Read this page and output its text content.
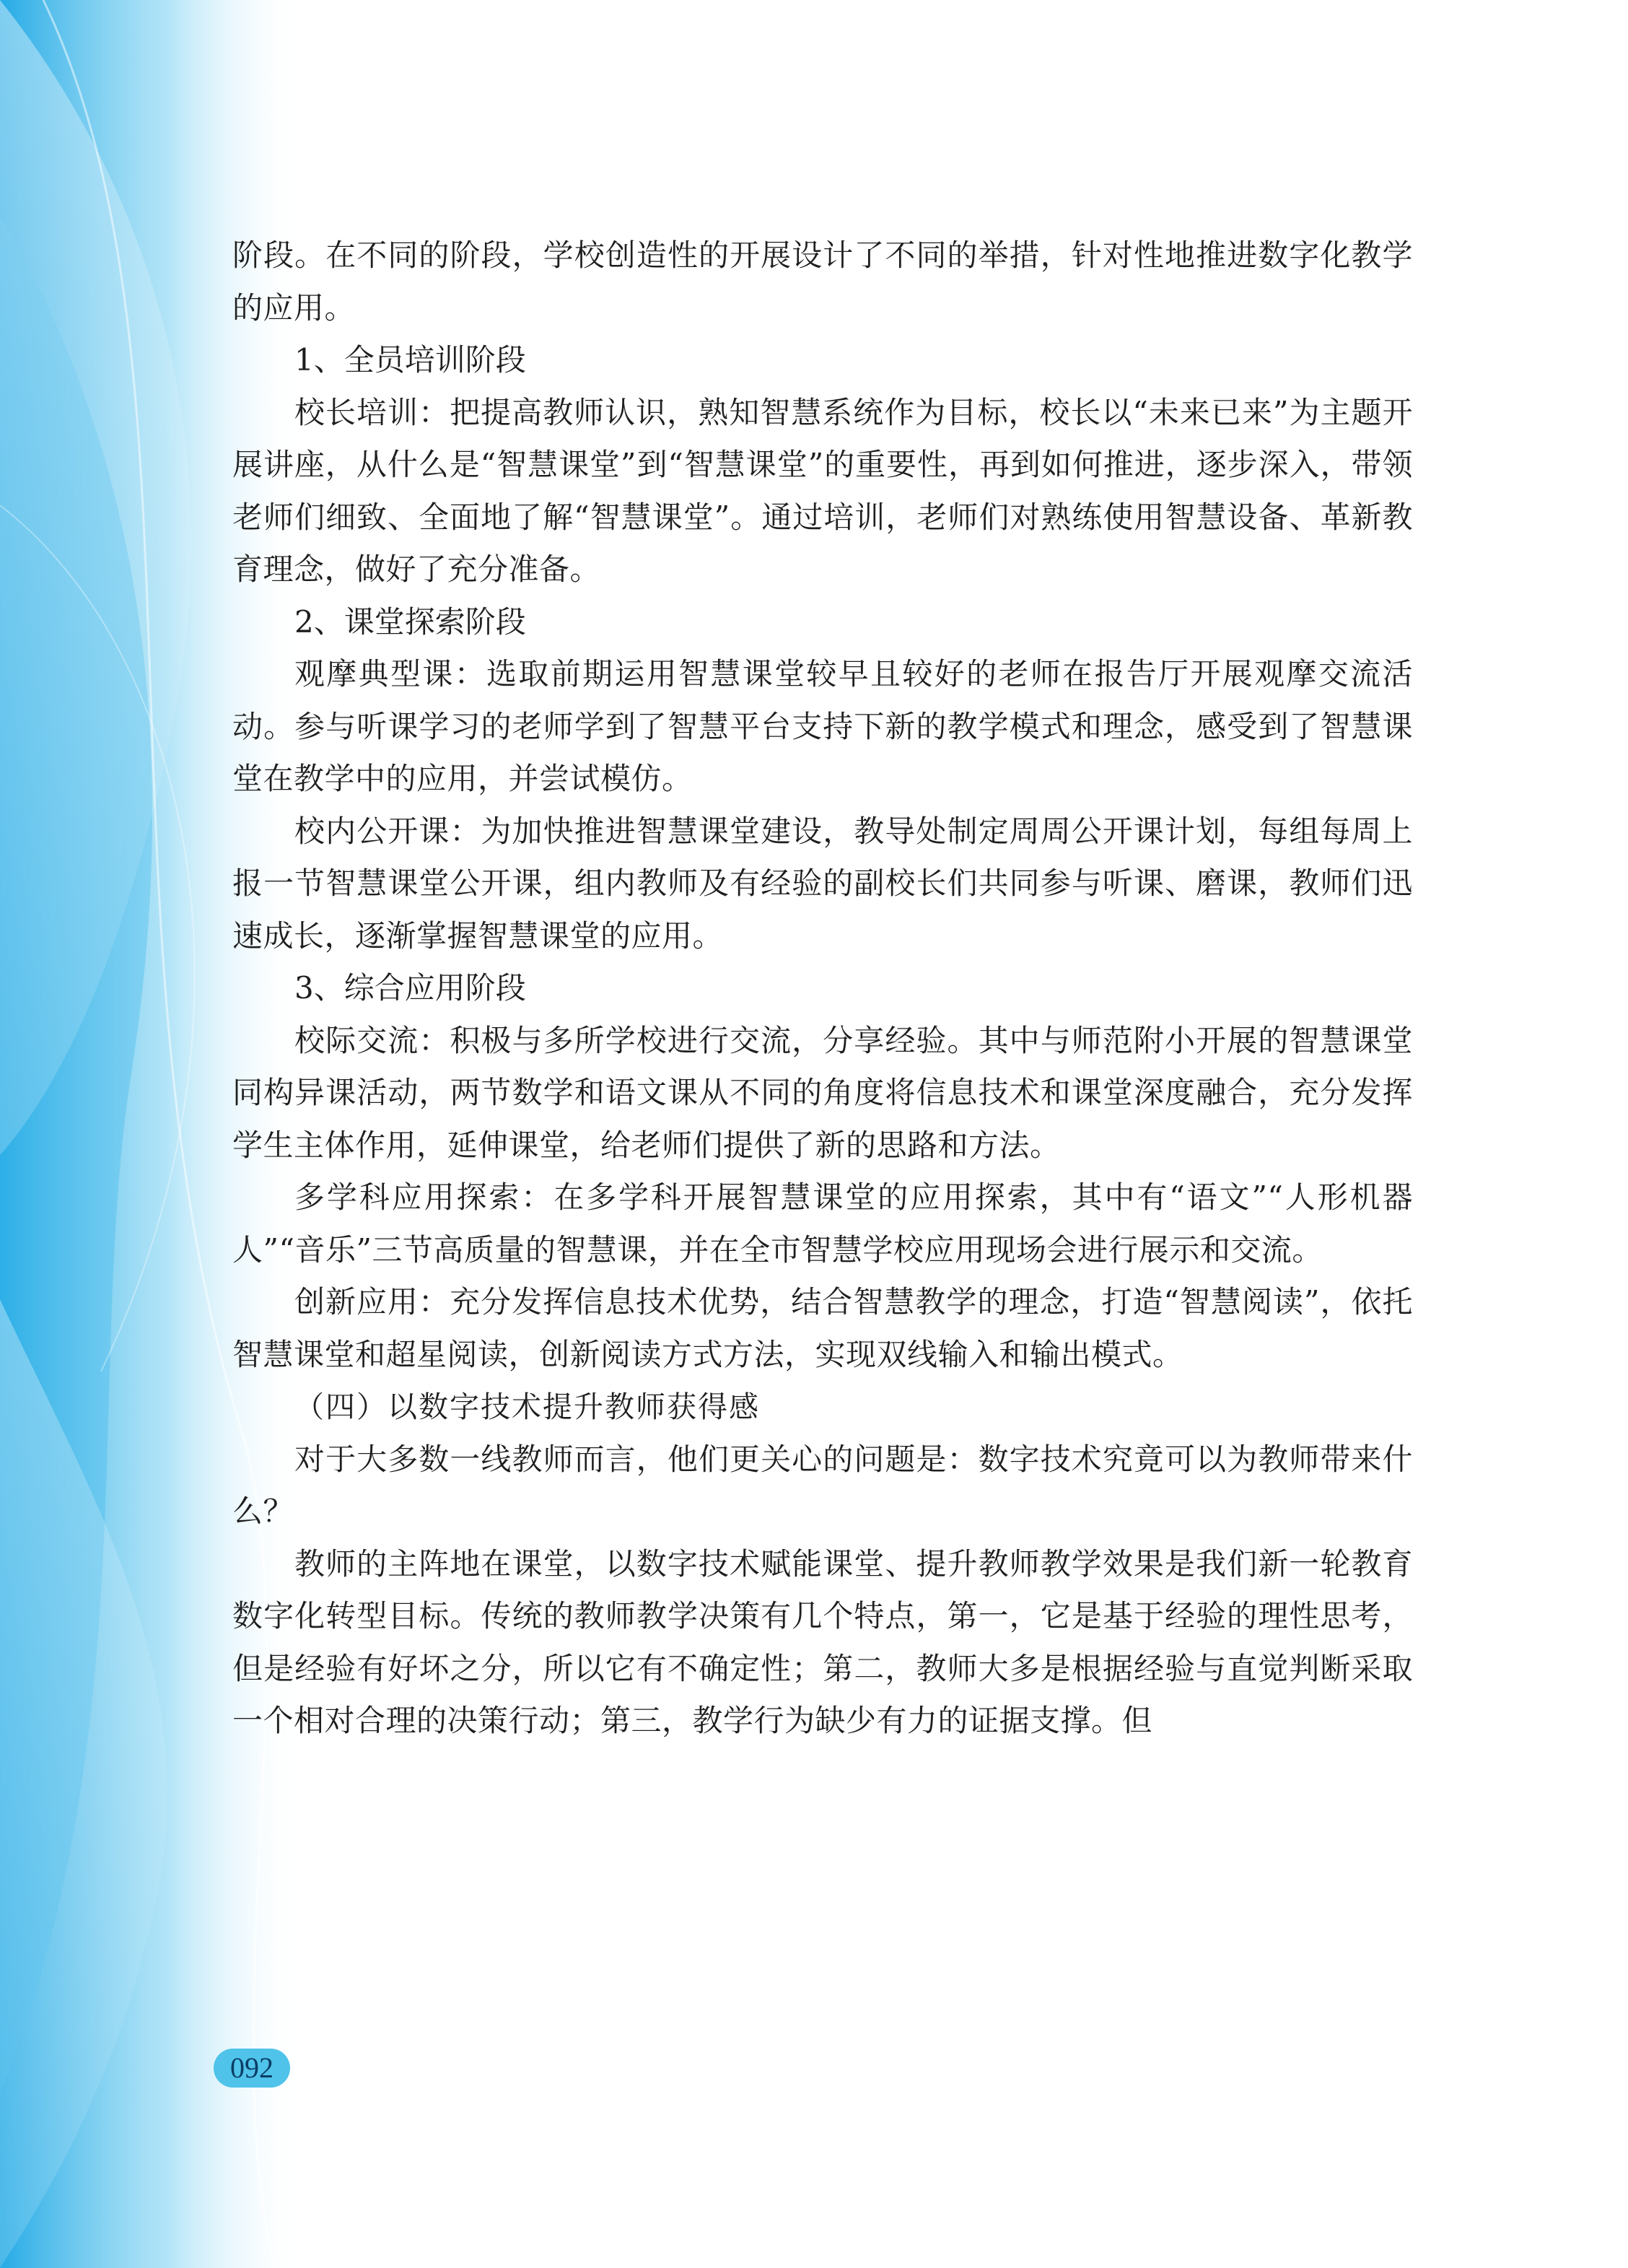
阶段。在不同的阶段，学校创造性的开展设计了不同的举措，针对性地推进数字化教学的应用。

1、全员培训阶段

校长培训：把提高教师认识，熟知智慧系统作为目标，校长以“未来已来”为主题开展讲座，从什么是“智慧课堂”到“智慧课堂”的重要性，再到如何推进，逐步深入，带领老师们细致、全面地了解“智慧课堂”。通过培训，老师们对熟练使用智慧设备、革新教育理念，做好了充分准备。

2、课堂探索阶段

观摩典型课：选取前期运用智慧课堂较早且较好的老师在报告厅开展观摩交流活动。参与听课学习的老师学到了智慧平台支持下新的教学模式和理念，感受到了智慧课堂在教学中的应用，并尝试模仿。

校内公开课：为加快推进智慧课堂建设，教导处制定周周公开课计划，每组每周上报一节智慧课堂公开课，组内教师及有经验的副校长们共同参与听课、磨课，教师们迅速成长，逐渐掌握智慧课堂的应用。

3、综合应用阶段

校际交流：积极与多所学校进行交流，分享经验。其中与师范附小开展的智慧课堂同构异课活动，两节数学和语文课从不同的角度将信息技术和课堂深度融合，充分发挥学生主体作用，延伸课堂，给老师们提供了新的思路和方法。

多学科应用探索：在多学科开展智慧课堂的应用探索，其中有“语文”“人形机器人”“音乐”三节高质量的智慧课，并在全市智慧学校应用现场会进行展示和交流。

创新应用：充分发挥信息技术优势，结合智慧教学的理念，打造“智慧阅读”，依托智慧课堂和超星阅读，创新阅读方式方法，实现双线输入和输出模式。

（四）以数字技术提升教师获得感

对于大多数一线教师而言，他们更关心的问题是：数字技术究竟可以为教师带来什么？

教师的主阵地在课堂，以数字技术赋能课堂、提升教师教学效果是我们新一轮教育数字化转型目标。传统的教师教学决策有几个特点，第一，它是基于经验的理性思考，但是经验有好坏之分，所以它有不确定性；第二，教师大多是根据经验与直觉判断采取一个相对合理的决策行动；第三，教学行为缺少有力的证据支撑。但

092
